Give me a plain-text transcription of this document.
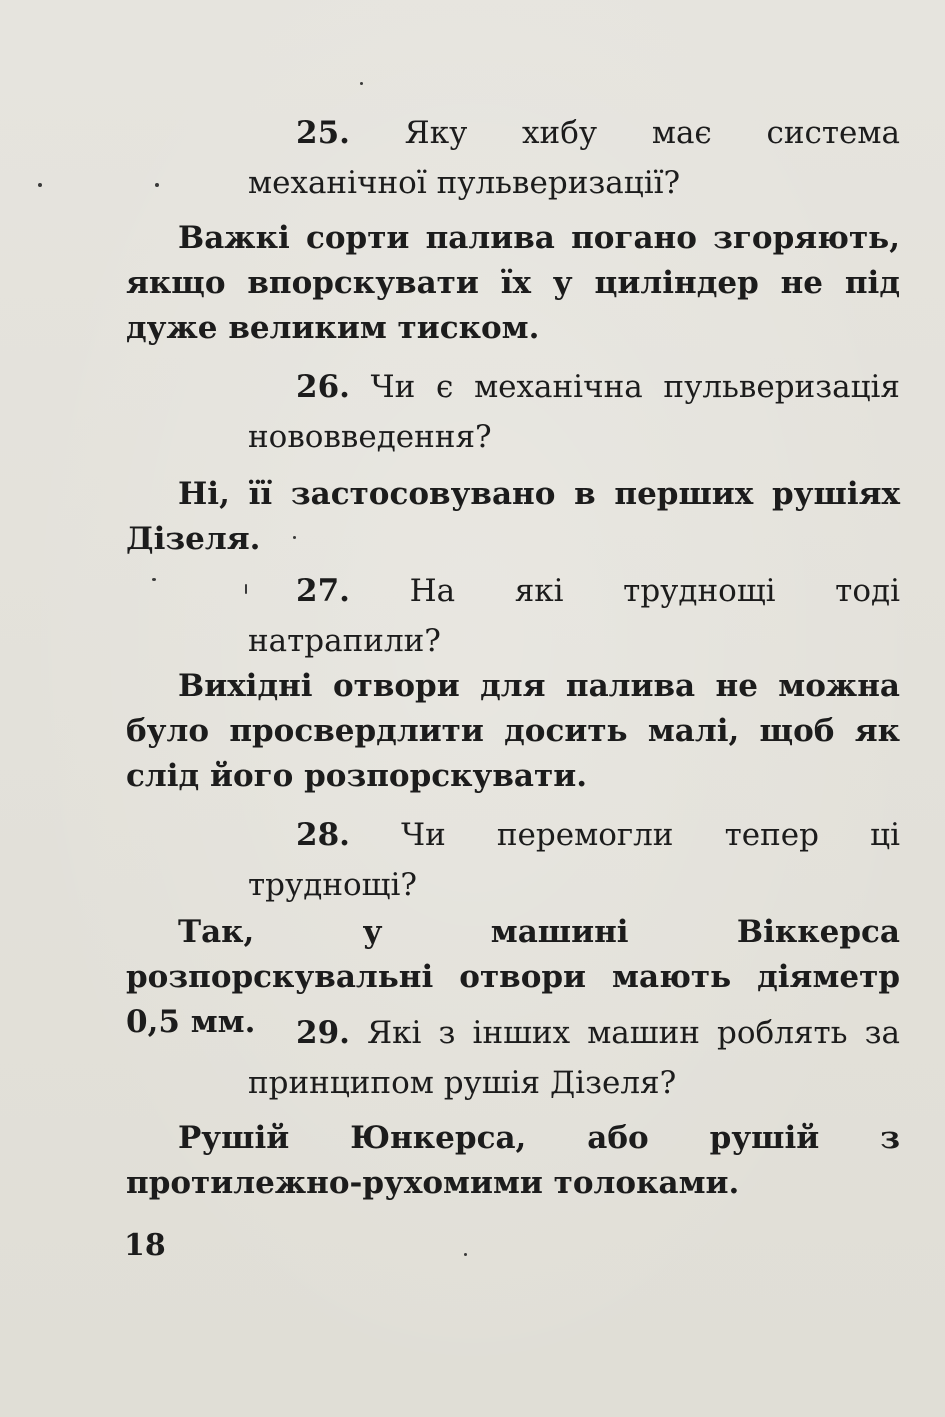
25. Яку хибу має система механічної пульверизації?
Важкі сорти палива погано згоряють, якщо впорскувати їх у циліндер не під дуже великим тиском.
26. Чи є механічна пульверизація нововведення?
Ні, її застосовувано в перших рушіях Дізеля.
27. На які труднощі тоді натрапили?
Вихідні отвори для палива не можна було просвердлити досить малі, щоб як слід його розпорскувати.
28. Чи перемогли тепер ці труднощі?
Так, у машині Віккерса розпорскувальні отвори мають діяметр 0,5 мм.	29. Які з інших машин роблять за принципом рушія Дізеля?
Рушій Юнкерса, або рушій з протилежно-рухомими толоками.
18
